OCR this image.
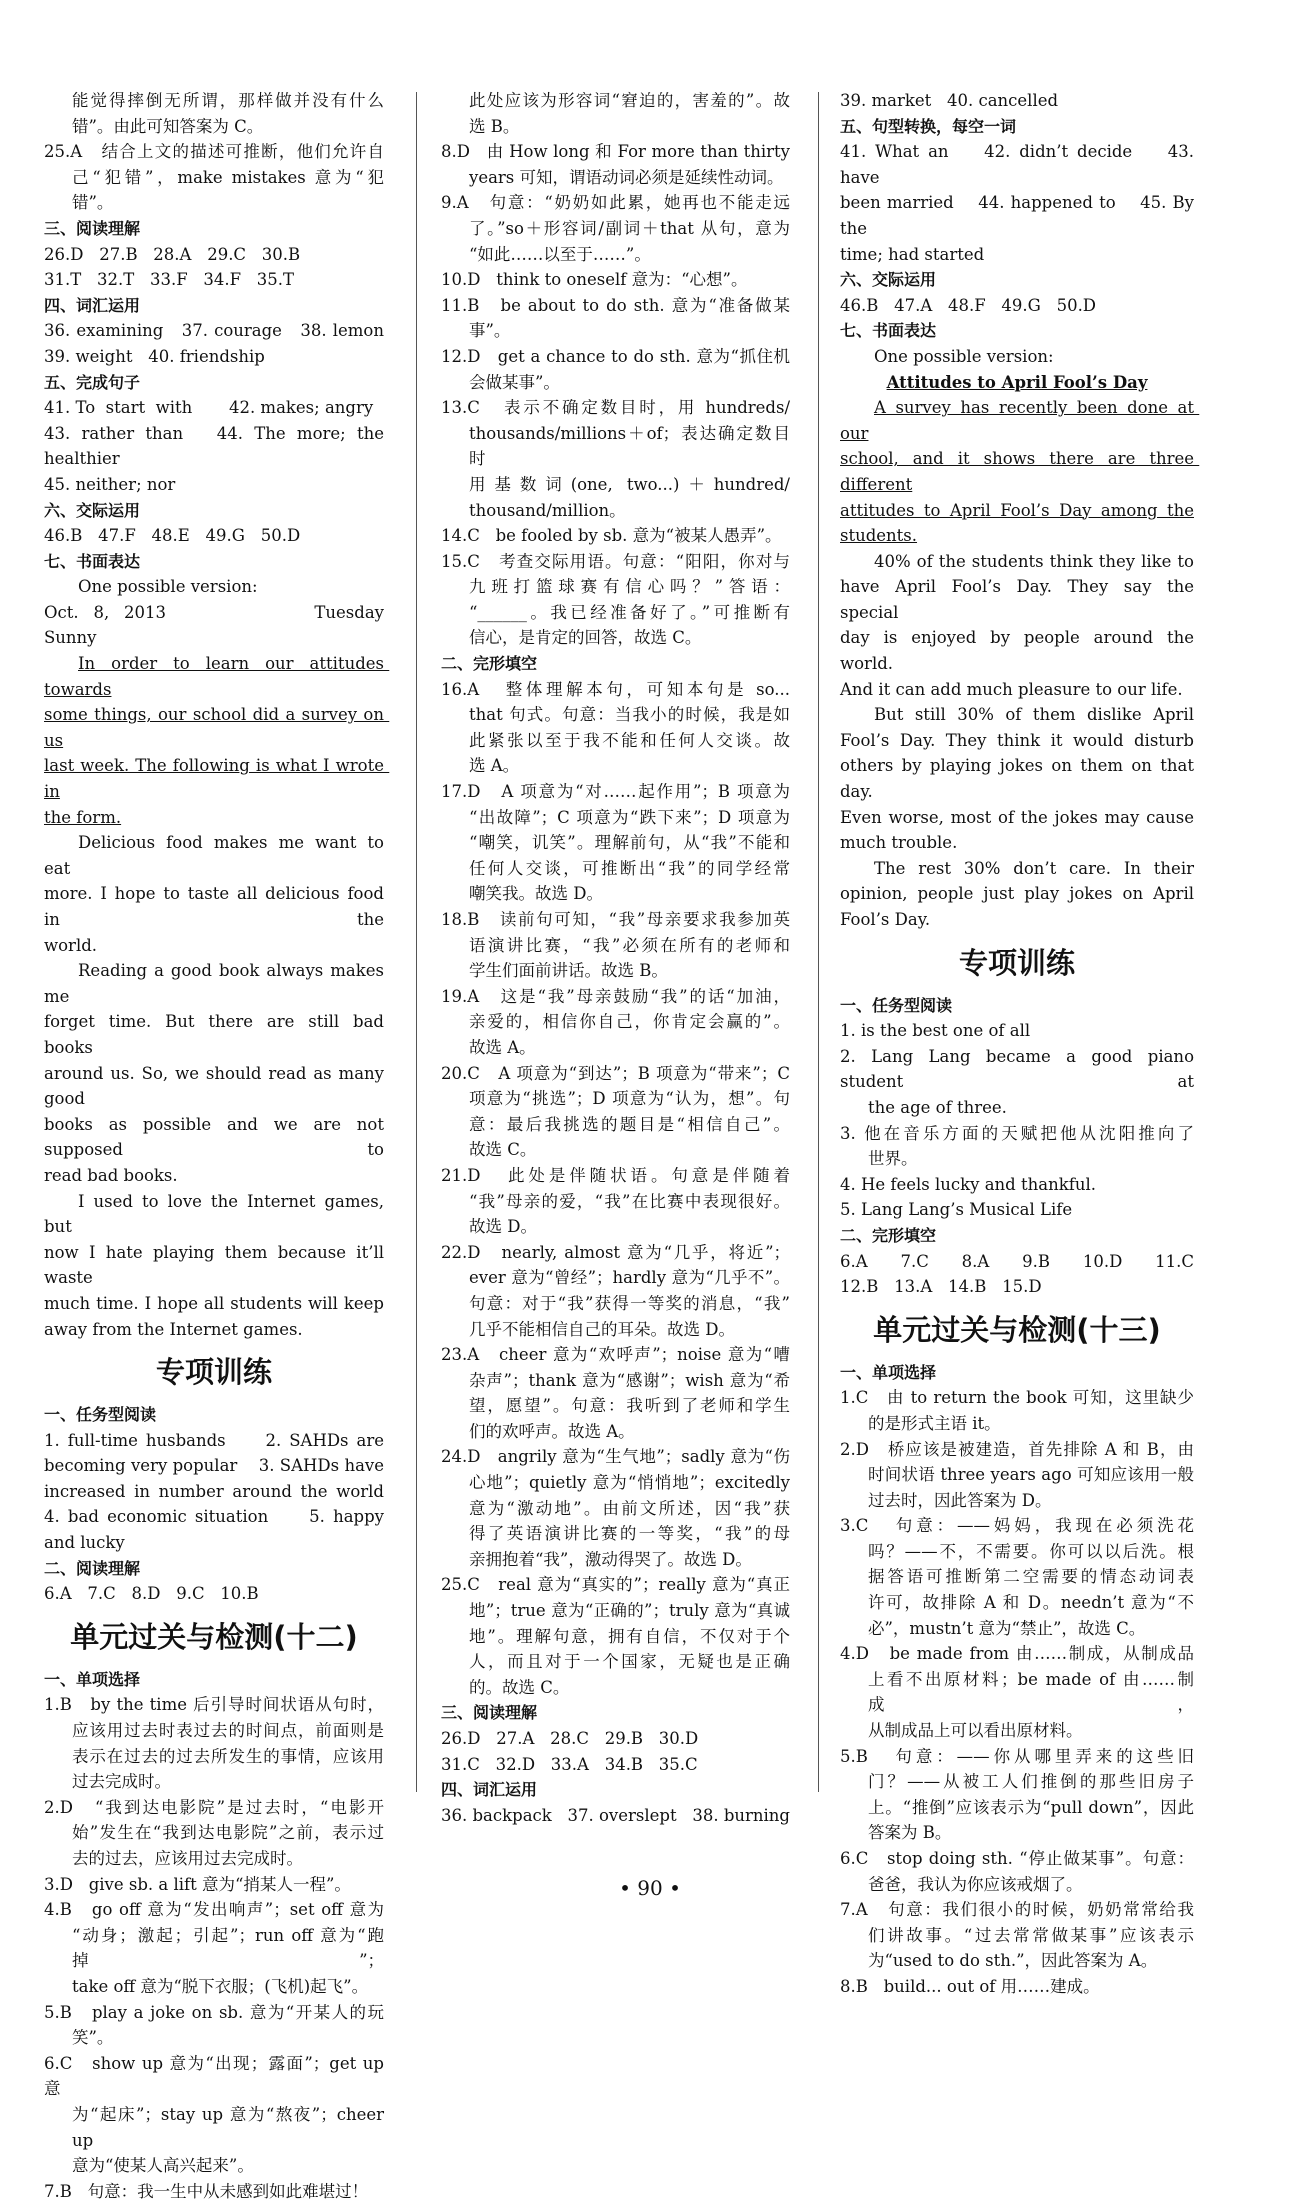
能觉得摔倒无所谓，那样做并没有什么
错”。由此可知答案为 C。
25.A   结合上文的描述可推断，他们允许自
己“犯错”，make mistakes 意为“犯错”。
三、阅读理解
26.D   27.B   28.A   29.C   30.B
31.T   32.T   33.F   34.F   35.T
四、词汇运用
36. examining   37. courage   38. lemon
39. weight   40. friendship
五、完成句子
41. To  start  with       42. makes; angry
43. rather than   44. The more; the healthier
45. neither; nor
六、交际运用
46.B   47.F   48.E   49.G   50.D
七、书面表达
One possible version:
Oct. 8, 2013          Tuesday                    Sunny
In order to learn our attitudes towards
some things, our school did a survey on us
last week. The following is what I wrote in
the form.
Delicious food makes me want to eat
more. I hope to taste all delicious food in the
world.
Reading a good book always makes me
forget time. But there are still bad books
around us. So, we should read as many good
books as possible and we are not supposed to
read bad books.
I used to love the Internet games, but
now I hate playing them because it’ll waste
much time. I hope all students will keep
away from the Internet games.
专项训练
一、任务型阅读
1. full-time husbands     2. SAHDs are
becoming very popular    3. SAHDs have
increased in number around the world
4. bad economic situation     5. happy
and lucky
二、阅读理解
6.A   7.C   8.D   9.C   10.B
单元过关与检测(十二)
一、单项选择
1.B   by the time 后引导时间状语从句时，
应该用过去时表过去的时间点，前面则是
表示在过去的过去所发生的事情，应该用
过去完成时。
2.D   “我到达电影院”是过去时，“电影开
始”发生在“我到达电影院”之前，表示过
去的过去，应该用过去完成时。
3.D   give sb. a lift 意为“捎某人一程”。
4.B   go off 意为“发出响声”；set off 意为
“动身；激起；引起”；run off 意为“跑掉”；
take off 意为“脱下衣服；(飞机)起飞”。
5.B   play a joke on sb. 意为“开某人的玩
笑”。
6.C   show up 意为“出现；露面”；get up 意
为“起床”；stay up 意为“熬夜”；cheer up
意为“使某人高兴起来”。
7.B   句意：我一生中从未感到如此难堪过！
此处应该为形容词“窘迫的，害羞的”。故
选 B。
8.D   由 How long 和 For more than thirty
years 可知，谓语动词必须是延续性动词。
9.A   句意：“奶奶如此累，她再也不能走远
了。”so＋形容词/副词＋that 从句，意为
“如此……以至于……”。
10.D   think to oneself 意为：“心想”。
11.B   be about to do sth. 意为“准备做某
事”。
12.D   get a chance to do sth. 意为“抓住机
会做某事”。
13.C   表示不确定数目时，用 hundreds/
thousands/millions＋of；表达确定数目时
用基数词(one, two...)＋hundred/
thousand/million。
14.C   be fooled by sb. 意为“被某人愚弄”。
15.C   考查交际用语。句意：“阳阳，你对与
九班打篮球赛有信心吗？”答语：
“______。我已经准备好了。”可推断有
信心，是肯定的回答，故选 C。
二、完形填空
16.A   整体理解本句，可知本句是 so...
that 句式。句意：当我小的时候，我是如
此紧张以至于我不能和任何人交谈。故
选 A。
17.D   A 项意为“对……起作用”；B 项意为
“出故障”；C 项意为“跌下来”；D 项意为
“嘲笑，讥笑”。理解前句，从“我”不能和
任何人交谈，可推断出“我”的同学经常
嘲笑我。故选 D。
18.B   读前句可知，“我”母亲要求我参加英
语演讲比赛，“我”必须在所有的老师和
学生们面前讲话。故选 B。
19.A   这是“我”母亲鼓励“我”的话“加油，
亲爱的，相信你自己，你肯定会赢的”。
故选 A。
20.C   A 项意为“到达”；B 项意为“带来”；C
项意为“挑选”；D 项意为“认为，想”。句
意：最后我挑选的题目是“相信自己”。
故选 C。
21.D   此处是伴随状语。句意是伴随着
“我”母亲的爱，“我”在比赛中表现很好。
故选 D。
22.D   nearly, almost 意为“几乎，将近”；
ever 意为“曾经”；hardly 意为“几乎不”。
句意：对于“我”获得一等奖的消息，“我”
几乎不能相信自己的耳朵。故选 D。
23.A   cheer 意为“欢呼声”；noise 意为“嘈
杂声”；thank 意为“感谢”；wish 意为“希
望，愿望”。句意：我听到了老师和学生
们的欢呼声。故选 A。
24.D   angrily 意为“生气地”；sadly 意为“伤
心地”；quietly 意为“悄悄地”；excitedly
意为“激动地”。由前文所述，因“我”获
得了英语演讲比赛的一等奖，“我”的母
亲拥抱着“我”，激动得哭了。故选 D。
25.C   real 意为“真实的”；really 意为“真正
地”；true 意为“正确的”；truly 意为“真诚
地”。理解句意，拥有自信，不仅对于个
人，而且对于一个国家，无疑也是正确
的。故选 C。
三、阅读理解
26.D   27.A   28.C   29.B   30.D
31.C   32.D   33.A   34.B   35.C
四、词汇运用
36. backpack   37. overslept   38. burning
39. market   40. cancelled
五、句型转换，每空一词
41. What an    42. didn’t decide    43. have
been married    44. happened to    45. By the
time; had started
六、交际运用
46.B   47.A   48.F   49.G   50.D
七、书面表达
One possible version:
Attitudes to April Fool’s Day
A survey has recently been done at our
school, and it shows there are three different
attitudes to April Fool’s Day among the
students.
40% of the students think they like to
have April Fool’s Day. They say the special
day is enjoyed by people around the world.
And it can add much pleasure to our life.
But still 30% of them dislike April
Fool’s Day. They think it would disturb
others by playing jokes on them on that day.
Even worse, most of the jokes may cause
much trouble.
The rest 30% don’t care. In their
opinion, people just play jokes on April
Fool’s Day.
专项训练
一、任务型阅读
1. is the best one of all
2. Lang Lang became a good piano student at
the age of three.
3. 他在音乐方面的天赋把他从沈阳推向了
世界。
4. He feels lucky and thankful.
5. Lang Lang’s Musical Life
二、完形填空
6.A   7.C   8.A   9.B   10.D   11.C
12.B   13.A   14.B   15.D
单元过关与检测(十三)
一、单项选择
1.C   由 to return the book 可知，这里缺少
的是形式主语 it。
2.D   桥应该是被建造，首先排除 A 和 B，由
时间状语 three years ago 可知应该用一般
过去时，因此答案为 D。
3.C   句意：——妈妈，我现在必须洗花
吗？——不，不需要。你可以以后洗。根
据答语可推断第二空需要的情态动词表
许可，故排除 A 和 D。needn’t 意为“不
必”，mustn’t 意为“禁止”，故选 C。
4.D   be made from 由……制成，从制成品
上看不出原材料；be made of 由……制成，
从制成品上可以看出原材料。
5.B   句意：——你从哪里弄来的这些旧
门？——从被工人们推倒的那些旧房子
上。“推倒”应该表示为“pull down”，因此
答案为 B。
6.C   stop doing sth. “停止做某事”。句意：
爸爸，我认为你应该戒烟了。
7.A   句意：我们很小的时候，奶奶常常给我
们讲故事。“过去常常做某事”应该表示
为“used to do sth.”，因此答案为 A。
8.B   build... out of 用……建成。
• 90 •
